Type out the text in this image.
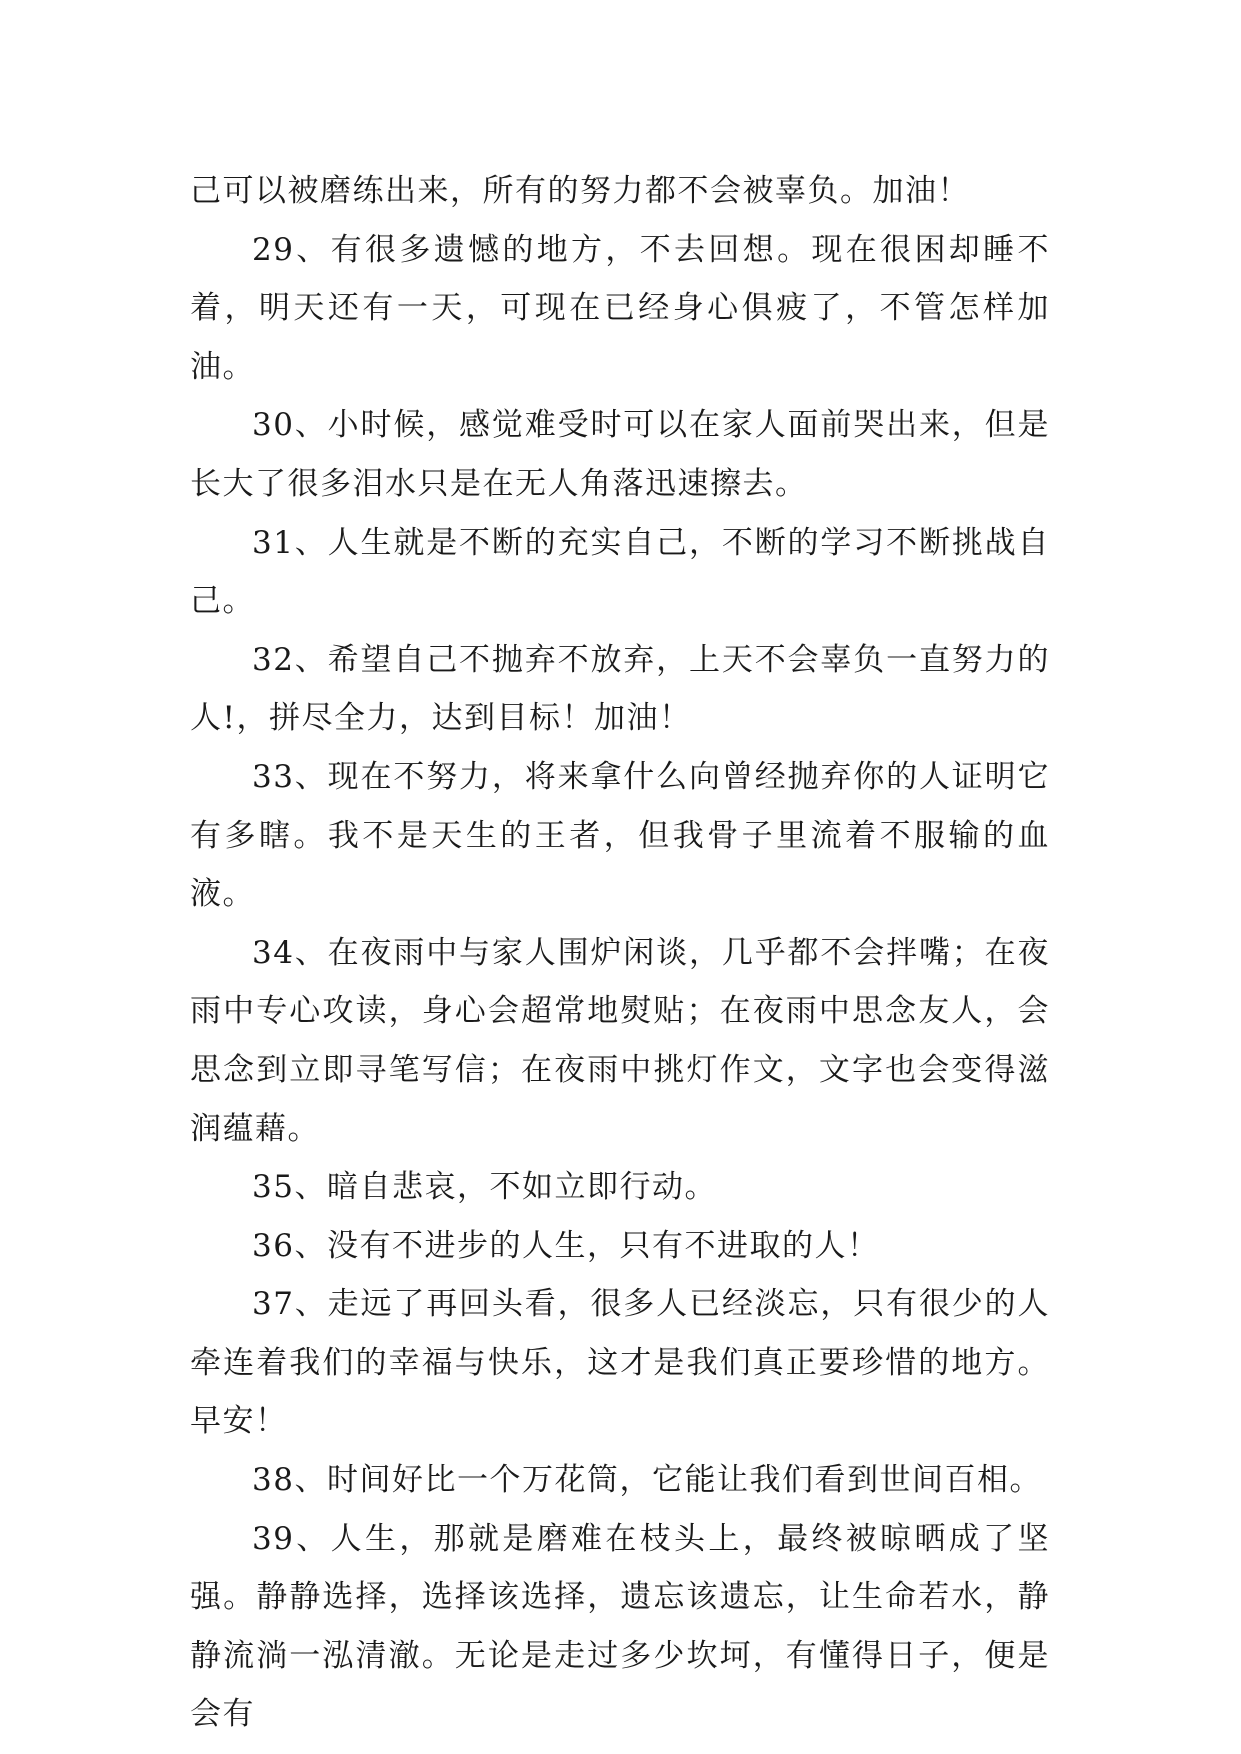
己可以被磨练出来，所有的努力都不会被辜负。加油！

29、有很多遗憾的地方，不去回想。现在很困却睡不着，明天还有一天，可现在已经身心俱疲了，不管怎样加油。

30、小时候，感觉难受时可以在家人面前哭出来，但是长大了很多泪水只是在无人角落迅速擦去。

31、人生就是不断的充实自己，不断的学习不断挑战自己。

32、希望自己不抛弃不放弃，上天不会辜负一直努力的人!，拼尽全力，达到目标！加油！

33、现在不努力，将来拿什么向曾经抛弃你的人证明它有多瞎。我不是天生的王者，但我骨子里流着不服输的血液。

34、在夜雨中与家人围炉闲谈，几乎都不会拌嘴；在夜雨中专心攻读，身心会超常地熨贴；在夜雨中思念友人，会思念到立即寻笔写信；在夜雨中挑灯作文，文字也会变得滋润蕴藉。

35、暗自悲哀，不如立即行动。

36、没有不进步的人生，只有不进取的人！

37、走远了再回头看，很多人已经淡忘，只有很少的人牵连着我们的幸福与快乐，这才是我们真正要珍惜的地方。早安！

38、时间好比一个万花筒，它能让我们看到世间百相。

39、人生，那就是磨难在枝头上，最终被晾晒成了坚强。静静选择，选择该选择，遗忘该遗忘，让生命若水，静静流淌一泓清澈。无论是走过多少坎坷，有懂得日子，便是会有
